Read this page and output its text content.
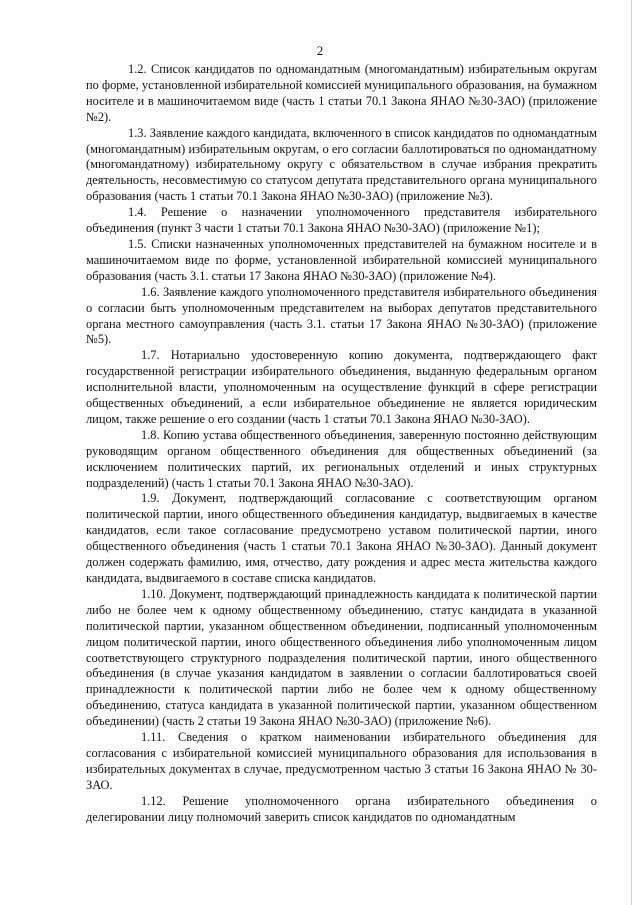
2

1.2. Список кандидатов по одномандатным (многомандатным) избирательным округам по форме, установленной избирательной комиссией муниципального образования, на бумажном носителе и в машиночитаемом виде (часть 1 статьи 70.1 Закона ЯНАО №30-ЗАО) (приложение №2).

1.3. Заявление каждого кандидата, включенного в список кандидатов по одномандатным (многомандатным) избирательным округам, о его согласии баллотироваться по одномандатному (многомандатному) избирательному округу с обязательством в случае избрания прекратить деятельность, несовместимую со статусом депутата представительного органа муниципального образования (часть 1 статьи 70.1 Закона ЯНАО №30-ЗАО) (приложение №3).

1.4. Решение о назначении уполномоченного представителя избирательного объединения (пункт 3 части 1 статьи 70.1 Закона ЯНАО №30-ЗАО) (приложение №1);

1.5. Списки назначенных уполномоченных представителей на бумажном носителе и в машиночитаемом виде по форме, установленной избирательной комиссией муниципального образования (часть 3.1. статьи 17 Закона ЯНАО №30-ЗАО) (приложение №4).

1.6. Заявление каждого уполномоченного представителя избирательного объединения о согласии быть уполномоченным представителем на выборах депутатов представительного органа местного самоуправления (часть 3.1. статьи 17 Закона ЯНАО №30-ЗАО) (приложение №5).

1.7. Нотариально удостоверенную копию документа, подтверждающего факт государственной регистрации избирательного объединения, выданную федеральным органом исполнительной власти, уполномоченным на осуществление функций в сфере регистрации общественных объединений, а если избирательное объединение не является юридическим лицом, также решение о его создании (часть 1 статьи 70.1 Закона ЯНАО №30-ЗАО).

1.8. Копию устава общественного объединения, заверенную постоянно действующим руководящим органом общественного объединения для общественных объединений (за исключением политических партий, их региональных отделений и иных структурных подразделений) (часть 1 статьи 70.1 Закона ЯНАО №30-ЗАО).

1.9. Документ, подтверждающий согласование с соответствующим органом политической партии, иного общественного объединения кандидатур, выдвигаемых в качестве кандидатов, если такое согласование предусмотрено уставом политической партии, иного общественного объединения (часть 1 статьи 70.1 Закона ЯНАО №30-ЗАО). Данный документ должен содержать фамилию, имя, отчество, дату рождения и адрес места жительства каждого кандидата, выдвигаемого в составе списка кандидатов.

1.10. Документ, подтверждающий принадлежность кандидата к политической партии либо не более чем к одному общественному объединению, статус кандидата в указанной политической партии, указанном общественном объединении, подписанный уполномоченным лицом политической партии, иного общественного объединения либо уполномоченным лицом соответствующего структурного подразделения политической партии, иного общественного объединения (в случае указания кандидатом в заявлении о согласии баллотироваться своей принадлежности к политической партии либо не более чем к одному общественному объединению, статуса кандидата в указанной политической партии, указанном общественном объединении) (часть 2 статьи 19 Закона ЯНАО №30-ЗАО) (приложение №6).

1.11. Сведения о кратком наименовании избирательного объединения для согласования с избирательной комиссией муниципального образования для использования в избирательных документах в случае, предусмотренном частью 3 статьи 16 Закона ЯНАО № 30-ЗАО.

1.12. Решение уполномоченного органа избирательного объединения о делегировании лицу полномочий заверить список кандидатов по одномандатным
